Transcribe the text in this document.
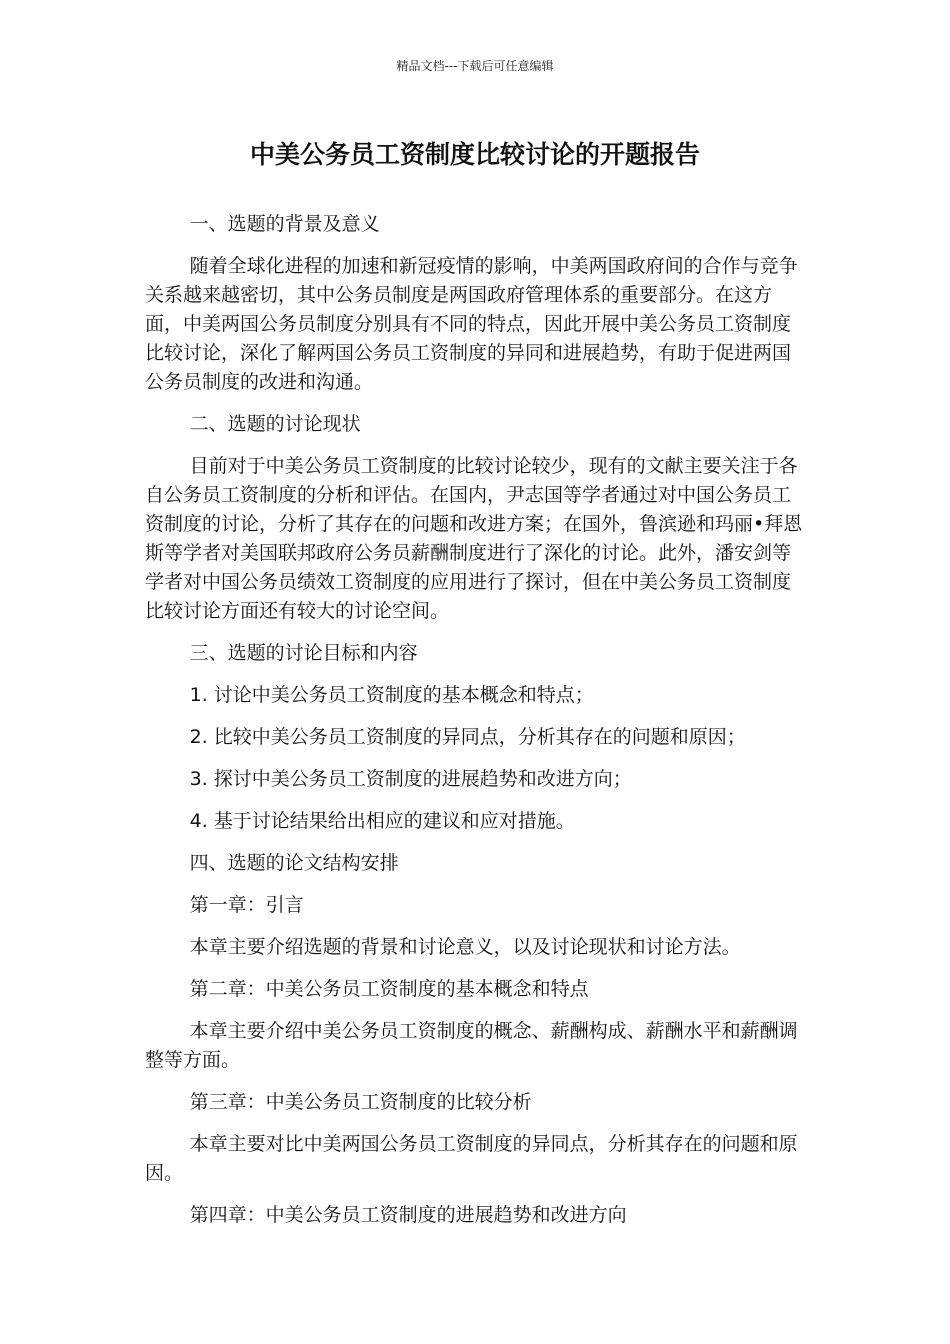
精品文档---下载后可任意编辑
中美公务员工资制度比较讨论的开题报告

一、选题的背景及意义

随着全球化进程的加速和新冠疫情的影响，中美两国政府间的合作与竞争关系越来越密切，其中公务员制度是两国政府管理体系的重要部分。在这方面，中美两国公务员制度分别具有不同的特点，因此开展中美公务员工资制度比较讨论，深化了解两国公务员工资制度的异同和进展趋势，有助于促进两国公务员制度的改进和沟通。

二、选题的讨论现状

目前对于中美公务员工资制度的比较讨论较少，现有的文献主要关注于各自公务员工资制度的分析和评估。在国内，尹志国等学者通过对中国公务员工资制度的讨论，分析了其存在的问题和改进方案；在国外，鲁滨逊和玛丽•拜恩斯等学者对美国联邦政府公务员薪酬制度进行了深化的讨论。此外，潘安剑等学者对中国公务员绩效工资制度的应用进行了探讨，但在中美公务员工资制度比较讨论方面还有较大的讨论空间。

三、选题的讨论目标和内容

1. 讨论中美公务员工资制度的基本概念和特点；

2. 比较中美公务员工资制度的异同点，分析其存在的问题和原因；

3. 探讨中美公务员工资制度的进展趋势和改进方向；

4. 基于讨论结果给出相应的建议和应对措施。

四、选题的论文结构安排

第一章：引言

本章主要介绍选题的背景和讨论意义，以及讨论现状和讨论方法。

第二章：中美公务员工资制度的基本概念和特点

本章主要介绍中美公务员工资制度的概念、薪酬构成、薪酬水平和薪酬调整等方面。

第三章：中美公务员工资制度的比较分析

本章主要对比中美两国公务员工资制度的异同点，分析其存在的问题和原因。

第四章：中美公务员工资制度的进展趋势和改进方向
